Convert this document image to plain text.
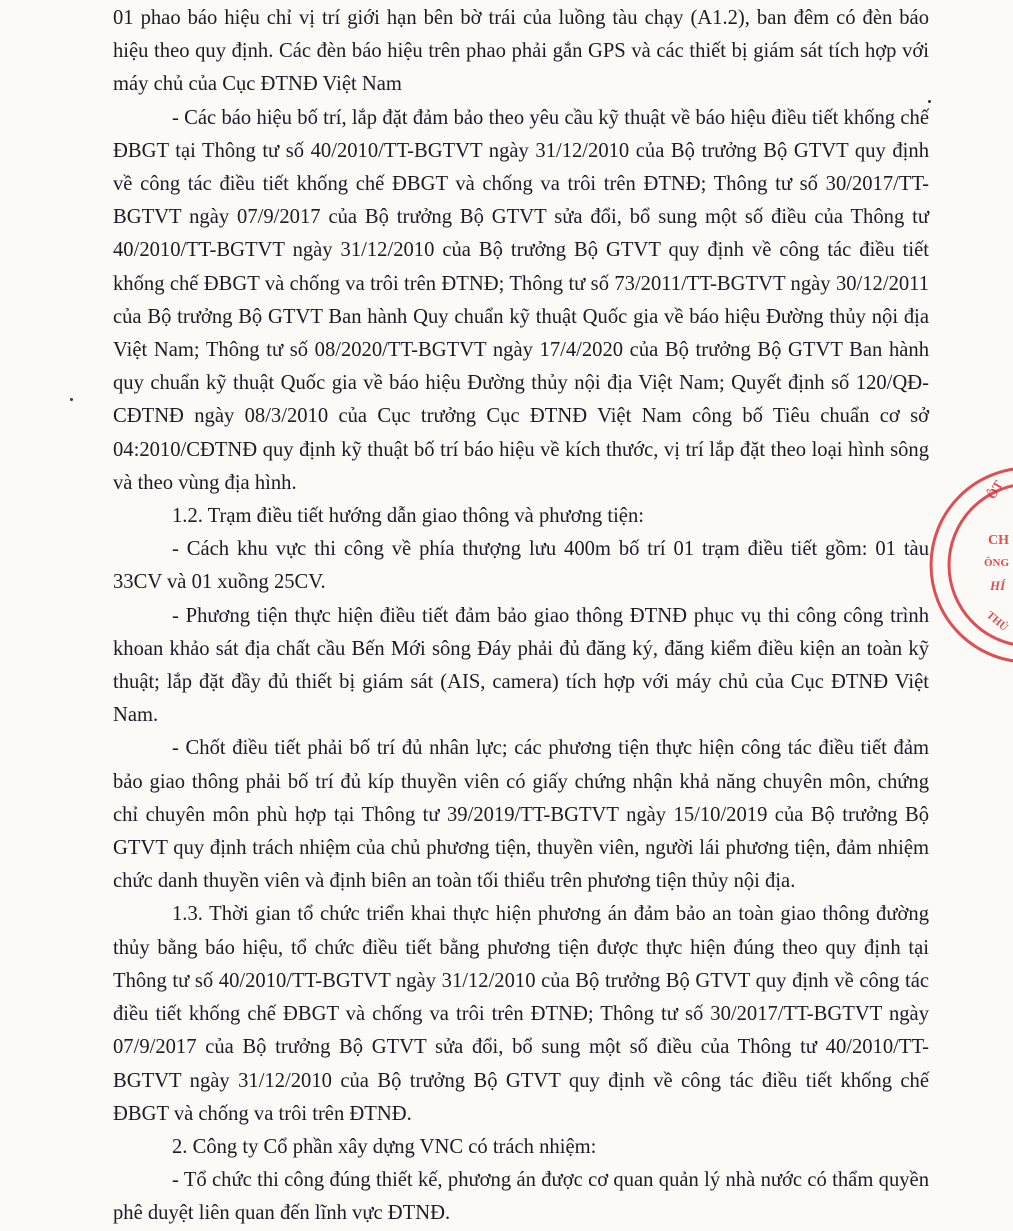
01 phao báo hiệu chỉ vị trí giới hạn bên bờ trái của luồng tàu chạy (A1.2), ban đêm có đèn báo hiệu theo quy định. Các đèn báo hiệu trên phao phải gắn GPS và các thiết bị giám sát tích hợp với máy chủ của Cục ĐTNĐ Việt Nam

- Các báo hiệu bố trí, lắp đặt đảm bảo theo yêu cầu kỹ thuật về báo hiệu điều tiết khống chế ĐBGT tại Thông tư số 40/2010/TT-BGTVT ngày 31/12/2010 của Bộ trưởng Bộ GTVT quy định về công tác điều tiết khống chế ĐBGT và chống va trôi trên ĐTNĐ; Thông tư số 30/2017/TT-BGTVT ngày 07/9/2017 của Bộ trưởng Bộ GTVT sửa đổi, bổ sung một số điều của Thông tư 40/2010/TT-BGTVT ngày 31/12/2010 của Bộ trưởng Bộ GTVT quy định về công tác điều tiết khống chế ĐBGT và chống va trôi trên ĐTNĐ; Thông tư số 73/2011/TT-BGTVT ngày 30/12/2011 của Bộ trưởng Bộ GTVT Ban hành Quy chuẩn kỹ thuật Quốc gia về báo hiệu Đường thủy nội địa Việt Nam; Thông tư số 08/2020/TT-BGTVT ngày 17/4/2020 của Bộ trưởng Bộ GTVT Ban hành quy chuẩn kỹ thuật Quốc gia về báo hiệu Đường thủy nội địa Việt Nam; Quyết định số 120/QĐ-CĐTNĐ ngày 08/3/2010 của Cục trưởng Cục ĐTNĐ Việt Nam công bố Tiêu chuẩn cơ sở 04:2010/CĐTNĐ quy định kỹ thuật bố trí báo hiệu về kích thước, vị trí lắp đặt theo loại hình sông và theo vùng địa hình.

1.2. Trạm điều tiết hướng dẫn giao thông và phương tiện:

- Cách khu vực thi công về phía thượng lưu 400m bố trí 01 trạm điều tiết gồm: 01 tàu 33CV và 01 xuồng 25CV.

- Phương tiện thực hiện điều tiết đảm bảo giao thông ĐTNĐ phục vụ thi công công trình khoan khảo sát địa chất cầu Bến Mới sông Đáy phải đủ đăng ký, đăng kiểm điều kiện an toàn kỹ thuật; lắp đặt đầy đủ thiết bị giám sát (AIS, camera) tích hợp với máy chủ của Cục ĐTNĐ Việt Nam.

- Chốt điều tiết phải bố trí đủ nhân lực; các phương tiện thực hiện công tác điều tiết đảm bảo giao thông phải bố trí đủ kíp thuyền viên có giấy chứng nhận khả năng chuyên môn, chứng chỉ chuyên môn phù hợp tại Thông tư 39/2019/TT-BGTVT ngày 15/10/2019 của Bộ trưởng Bộ GTVT quy định trách nhiệm của chủ phương tiện, thuyền viên, người lái phương tiện, đảm nhiệm chức danh thuyền viên và định biên an toàn tối thiểu trên phương tiện thủy nội địa.

1.3. Thời gian tổ chức triển khai thực hiện phương án đảm bảo an toàn giao thông đường thủy bằng báo hiệu, tổ chức điều tiết bằng phương tiện được thực hiện đúng theo quy định tại Thông tư số 40/2010/TT-BGTVT ngày 31/12/2010 của Bộ trưởng Bộ GTVT quy định về công tác điều tiết khống chế ĐBGT và chống va trôi trên ĐTNĐ; Thông tư số 30/2017/TT-BGTVT ngày 07/9/2017 của Bộ trưởng Bộ GTVT sửa đổi, bổ sung một số điều của Thông tư 40/2010/TT-BGTVT ngày 31/12/2010 của Bộ trưởng Bộ GTVT quy định về công tác điều tiết khống chế ĐBGT và chống va trôi trên ĐTNĐ.

2. Công ty Cổ phần xây dựng VNC có trách nhiệm:

- Tổ chức thi công đúng thiết kế, phương án được cơ quan quản lý nhà nước có thẩm quyền phê duyệt liên quan đến lĩnh vực ĐTNĐ.

ÔT
CH
ÔNG
HÍ
THỦ
